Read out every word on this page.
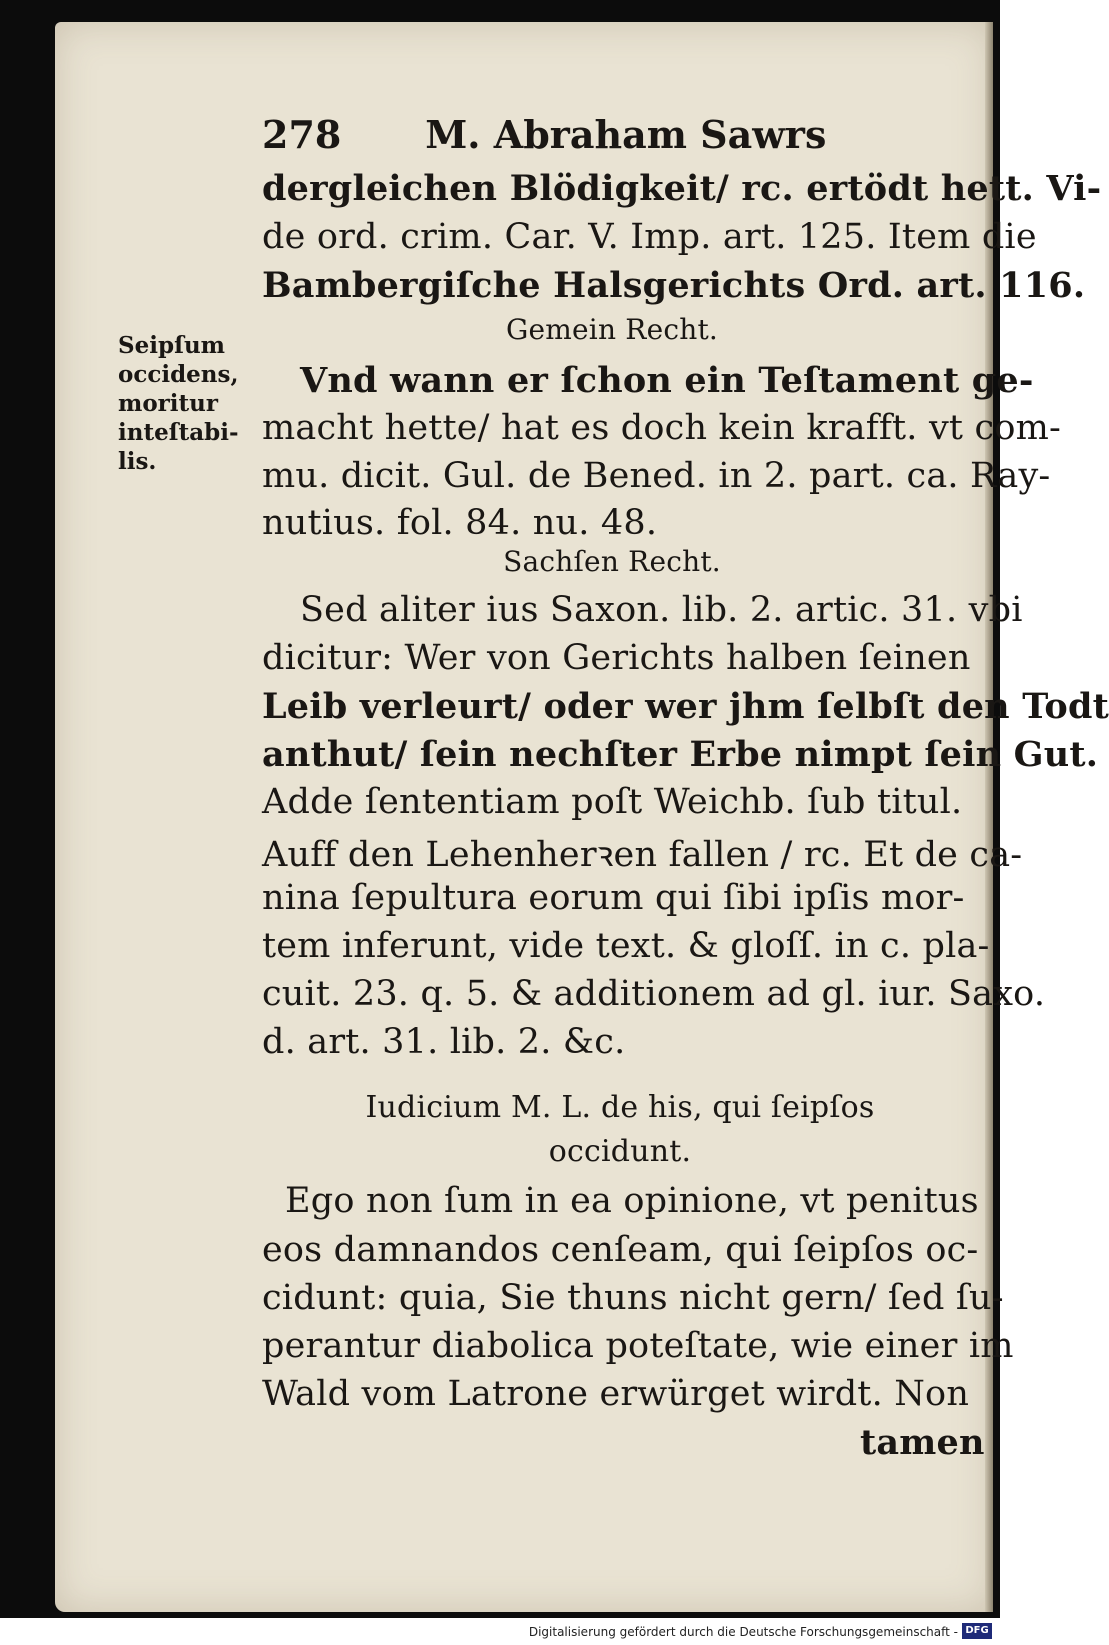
278 M. Abraham Sawrs
Seipſum
occidens,
moritur
inteſtabi-
lis.
dergleichen Blödigkeit/ rc. ertödt hett. Vi-
de ord. crim. Car. V. Imp. art. 125. Item die
Bambergiſche Halsgerichts Ord. art. 116.
Gemein Recht.
Vnd wann er ſchon ein Teſtament ge-
macht hette/ hat es doch kein krafft. vt com-
mu. dicit. Gul. de Bened. in 2. part. ca. Ray-
nutius. fol. 84. nu. 48.
Sachſen Recht.
Sed aliter ius Saxon. lib. 2. artic. 31. vbi
dicitur: Wer von Gerichts halben ſeinen
Leib verleurt/ oder wer jhm ſelbſt den Todt
anthut/ ſein nechſter Erbe nimpt ſein Gut.
Adde ſententiam poſt Weichb. ſub titul.
Auff den Lehenherꝛen fallen / rc. Et de ca-
nina ſepultura eorum qui ſibi ipſis mor-
tem inferunt, vide text. & gloſſ. in c. pla-
cuit. 23. q. 5. & additionem ad gl. iur. Saxo.
d. art. 31. lib. 2. &c.
Iudicium M. L. de his, qui ſeipſos
occidunt.
Ego non ſum in ea opinione, vt penitus
eos damnandos cenſeam, qui ſeipſos oc-
cidunt: quia, Sie thuns nicht gern/ ſed ſu-
perantur diabolica poteſtate, wie einer im
Wald vom Latrone erwürget wirdt. Non
tamen
Digitalisierung gefördert durch die Deutsche Forschungsgemeinschaft - DFG
